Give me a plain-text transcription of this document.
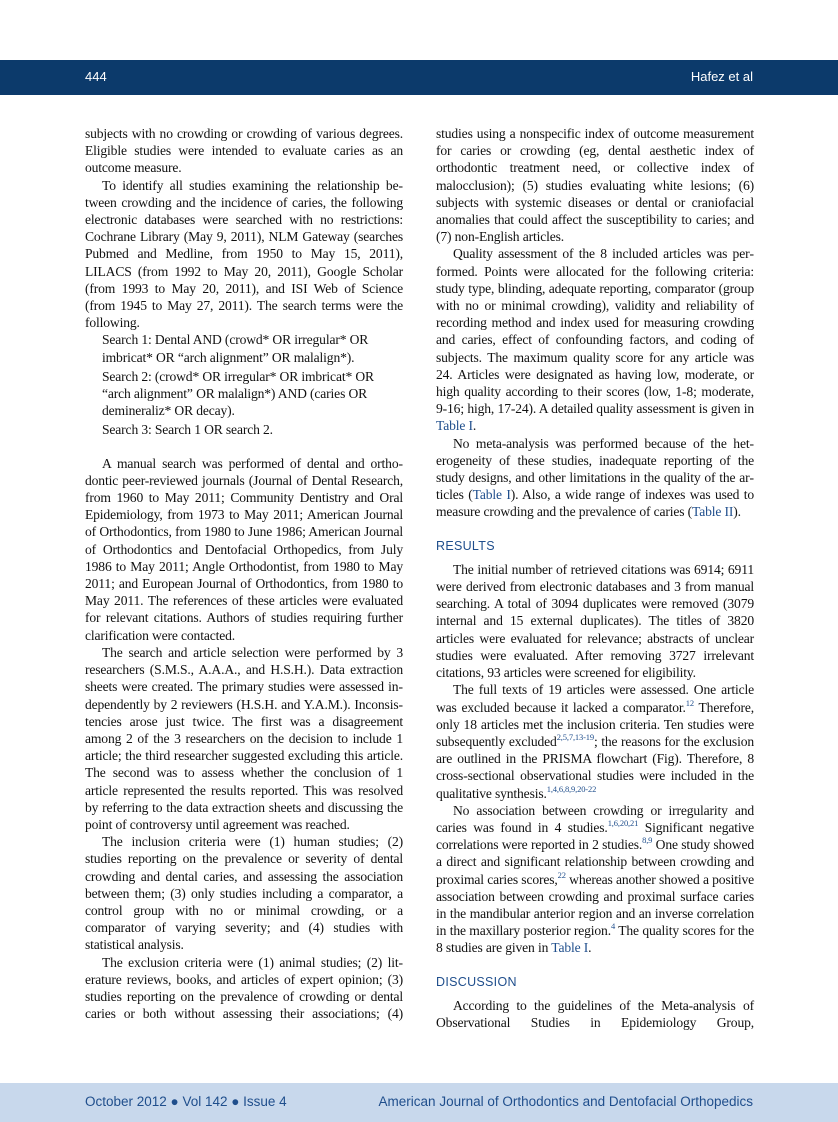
444	Hafez et al

subjects with no crowding or crowding of various degrees. Eligible studies were intended to evaluate caries as an outcome measure.

To identify all studies examining the relationship between crowding and the incidence of caries, the following electronic databases were searched with no restrictions: Cochrane Library (May 9, 2011), NLM Gateway (searches Pubmed and Medline, from 1950 to May 15, 2011), LILACS (from 1992 to May 20, 2011), Google Scholar (from 1993 to May 20, 2011), and ISI Web of Science (from 1945 to May 27, 2011). The search terms were the following.

Search 1: Dental AND (crowd* OR irregular* OR imbricat* OR “arch alignment” OR malalign*).

Search 2: (crowd* OR irregular* OR imbricat* OR “arch alignment” OR malalign*) AND (caries OR demineraliz* OR decay).

Search 3: Search 1 OR search 2.

A manual search was performed of dental and orthodontic peer-reviewed journals (Journal of Dental Research, from 1960 to May 2011; Community Dentistry and Oral Epidemiology, from 1973 to May 2011; American Journal of Orthodontics, from 1980 to June 1986; American Journal of Orthodontics and Dentofacial Orthopedics, from July 1986 to May 2011; Angle Orthodontist, from 1980 to May 2011; and European Journal of Orthodontics, from 1980 to May 2011. The references of these articles were evaluated for relevant citations. Authors of studies requiring further clarification were contacted.

The search and article selection were performed by 3 researchers (S.M.S., A.A.A., and H.S.H.). Data extraction sheets were created. The primary studies were assessed independently by 2 reviewers (H.S.H. and Y.A.M.). Inconsistencies arose just twice. The first was a disagreement among 2 of the 3 researchers on the decision to include 1 article; the third researcher suggested excluding this article. The second was to assess whether the conclusion of 1 article represented the results reported. This was resolved by referring to the data extraction sheets and discussing the point of controversy until agreement was reached.

The inclusion criteria were (1) human studies; (2) studies reporting on the prevalence or severity of dental crowding and dental caries, and assessing the association between them; (3) only studies including a comparator, a control group with no or minimal crowding, or a comparator of varying severity; and (4) studies with statistical analysis.

The exclusion criteria were (1) animal studies; (2) literature reviews, books, and articles of expert opinion; (3) studies reporting on the prevalence of crowding or dental caries or both without assessing their associations; (4)

studies using a nonspecific index of outcome measurement for caries or crowding (eg, dental aesthetic index of orthodontic treatment need, or collective index of malocclusion); (5) studies evaluating white lesions; (6) subjects with systemic diseases or dental or craniofacial anomalies that could affect the susceptibility to caries; and (7) non-English articles.

Quality assessment of the 8 included articles was performed. Points were allocated for the following criteria: study type, blinding, adequate reporting, comparator (group with no or minimal crowding), validity and reliability of recording method and index used for measuring crowding and caries, effect of confounding factors, and coding of subjects. The maximum quality score for any article was 24. Articles were designated as having low, moderate, or high quality according to their scores (low, 1-8; moderate, 9-16; high, 17-24). A detailed quality assessment is given in Table I.

No meta-analysis was performed because of the heterogeneity of these studies, inadequate reporting of the study designs, and other limitations in the quality of the articles (Table I). Also, a wide range of indexes was used to measure crowding and the prevalence of caries (Table II).

RESULTS

The initial number of retrieved citations was 6914; 6911 were derived from electronic databases and 3 from manual searching. A total of 3094 duplicates were removed (3079 internal and 15 external duplicates). The titles of 3820 articles were evaluated for relevance; abstracts of unclear studies were evaluated. After removing 3727 irrelevant citations, 93 articles were screened for eligibility.

The full texts of 19 articles were assessed. One article was excluded because it lacked a comparator.$^{12}$ Therefore, only 18 articles met the inclusion criteria. Ten studies were subsequently excluded$^{2,5,7,13-19}$; the reasons for the exclusion are outlined in the PRISMA flowchart (Fig). Therefore, 8 cross-sectional observational studies were included in the qualitative synthesis.$^{1,4,6,8,9,20-22}$

No association between crowding or irregularity and caries was found in 4 studies.$^{1,6,20,21}$ Significant negative correlations were reported in 2 studies.$^{8,9}$ One study showed a direct and significant relationship between crowding and proximal caries scores,$^{22}$ whereas another showed a positive association between crowding and proximal surface caries in the mandibular anterior region and an inverse correlation in the maxillary posterior region.$^4$ The quality scores for the 8 studies are given in Table I.

DISCUSSION

According to the guidelines of the Meta-analysis of Observational Studies in Epidemiology Group,

October 2012 ● Vol 142 ● Issue 4	American Journal of Orthodontics and Dentofacial Orthopedics
